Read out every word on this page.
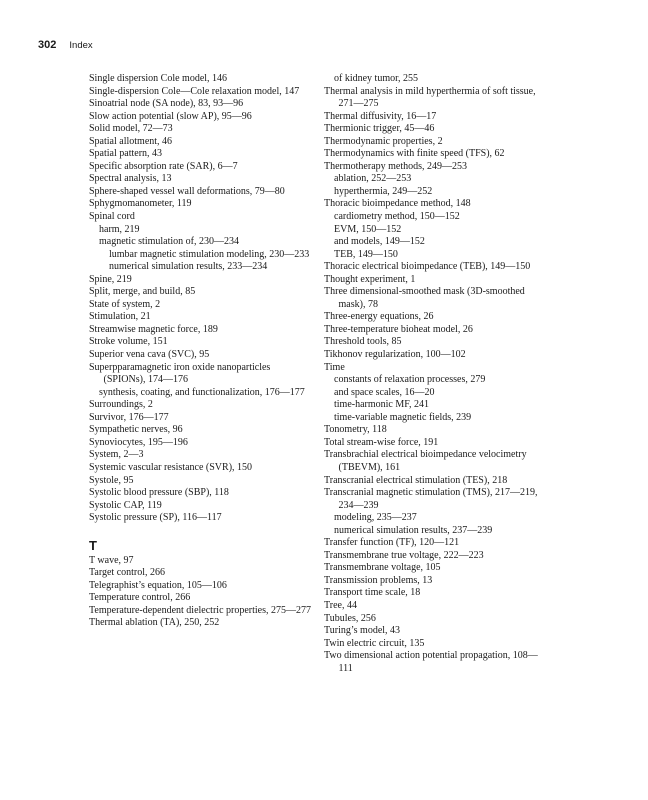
302 Index
Single dispersion Cole model, 146
Single-dispersion Cole—Cole relaxation model, 147
Sinoatrial node (SA node), 83, 93—96
Slow action potential (slow AP), 95—96
Solid model, 72—73
Spatial allotment, 46
Spatial pattern, 43
Specific absorption rate (SAR), 6—7
Spectral analysis, 13
Sphere-shaped vessel wall deformations, 79—80
Sphygmomanometer, 119
Spinal cord
harm, 219
magnetic stimulation of, 230—234
lumbar magnetic stimulation modeling, 230—233
numerical simulation results, 233—234
Spine, 219
Split, merge, and build, 85
State of system, 2
Stimulation, 21
Streamwise magnetic force, 189
Stroke volume, 151
Superior vena cava (SVC), 95
Superpparamagnetic iron oxide nanoparticles (SPIONs), 174—176
synthesis, coating, and functionalization, 176—177
Surroundings, 2
Survivor, 176—177
Sympathetic nerves, 96
Synoviocytes, 195—196
System, 2—3
Systemic vascular resistance (SVR), 150
Systole, 95
Systolic blood pressure (SBP), 118
Systolic CAP, 119
Systolic pressure (SP), 116—117
T
T wave, 97
Target control, 266
Telegraphist’s equation, 105—106
Temperature control, 266
Temperature-dependent dielectric properties, 275—277
Thermal ablation (TA), 250, 252
of kidney tumor, 255
Thermal analysis in mild hyperthermia of soft tissue, 271—275
Thermal diffusivity, 16—17
Thermionic trigger, 45—46
Thermodynamic properties, 2
Thermodynamics with finite speed (TFS), 62
Thermotherapy methods, 249—253
ablation, 252—253
hyperthermia, 249—252
Thoracic bioimpedance method, 148
cardiometry method, 150—152
EVM, 150—152
and models, 149—152
TEB, 149—150
Thoracic electrical bioimpedance (TEB), 149—150
Thought experiment, 1
Three dimensional-smoothed mask (3D-smoothed mask), 78
Three-energy equations, 26
Three-temperature bioheat model, 26
Threshold tools, 85
Tikhonov regularization, 100—102
Time
constants of relaxation processes, 279
and space scales, 16—20
time-harmonic MF, 241
time-variable magnetic fields, 239
Tonometry, 118
Total stream-wise force, 191
Transbrachial electrical bioimpedance velocimetry (TBEVM), 161
Transcranial electrical stimulation (TES), 218
Transcranial magnetic stimulation (TMS), 217—219, 234—239
modeling, 235—237
numerical simulation results, 237—239
Transfer function (TF), 120—121
Transmembrane true voltage, 222—223
Transmembrane voltage, 105
Transmission problems, 13
Transport time scale, 18
Tree, 44
Tubules, 256
Turing’s model, 43
Twin electric circuit, 135
Two dimensional action potential propagation, 108—111
